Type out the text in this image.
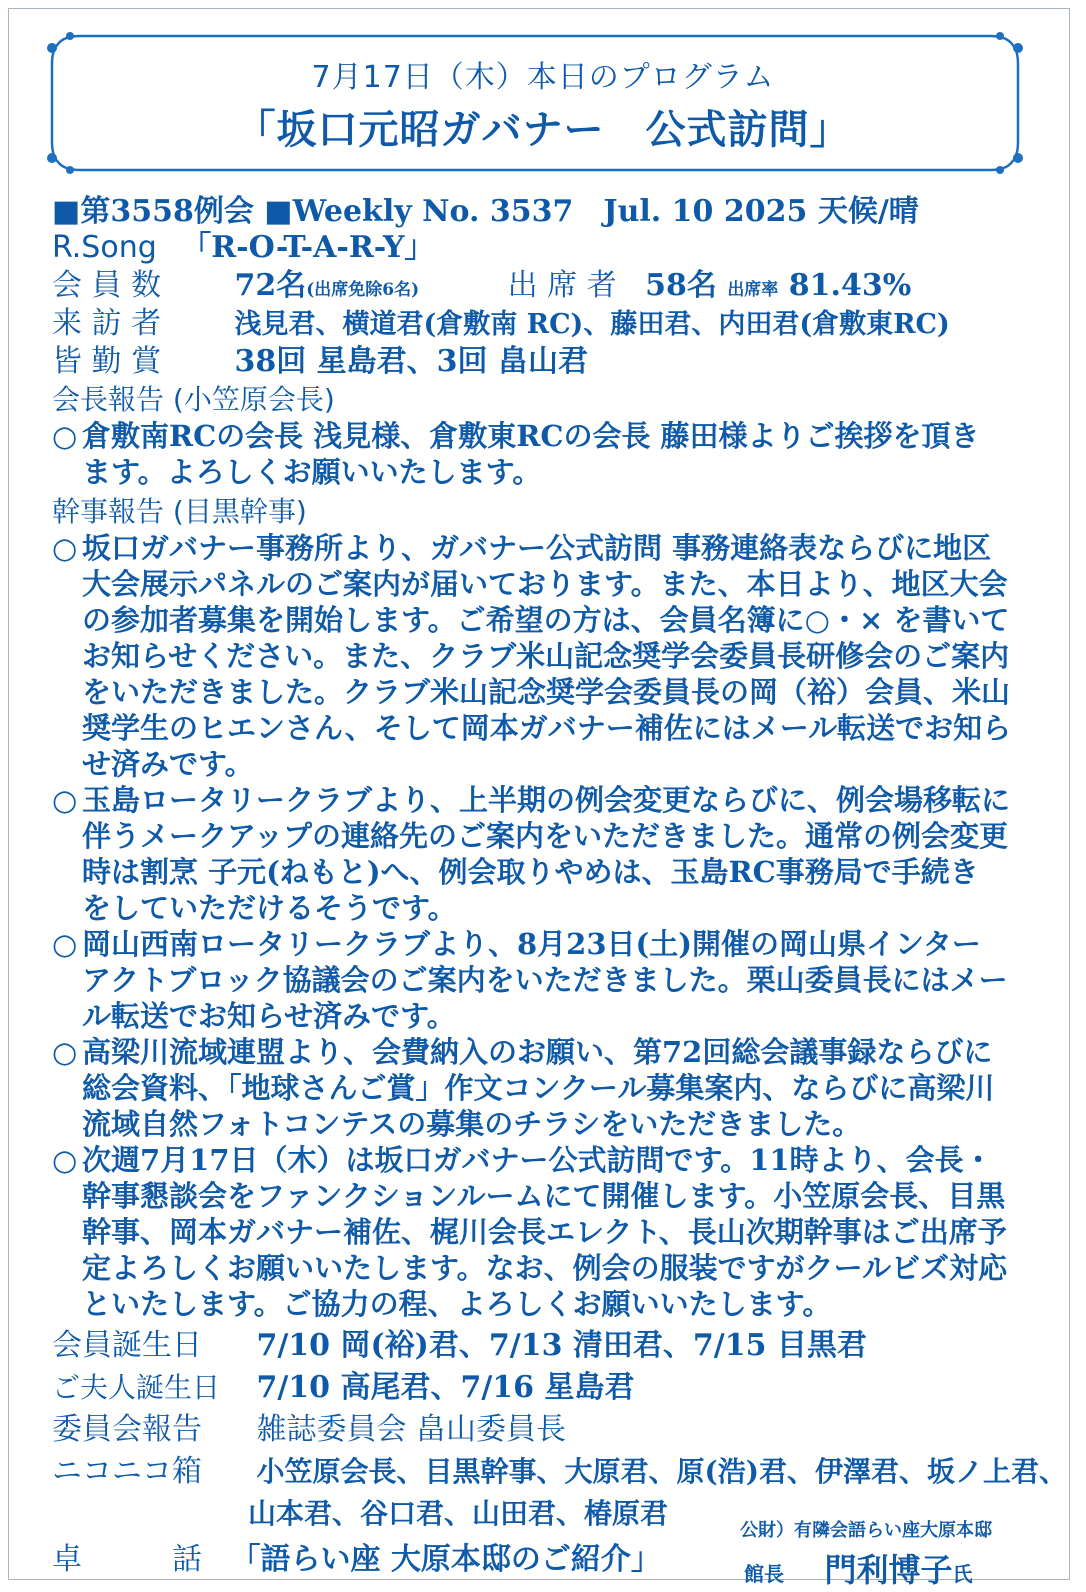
7月17日（木）本日のプログラム
「坂口元昭ガバナー　公式訪問」
■第3558例会 ■Weekly No. 3537　Jul. 10 2025 天候/晴
R.Song 「R-O-T-A-R-Y」
会 員 数 72名(出席免除6名)	出 席 者 58名 出席率 81.43%
来 訪 者	浅見君、横道君(倉敷南 RC)、藤田君、内田君(倉敷東RC)
皆 勤 賞 38回 星島君、3回 畠山君
会長報告 (小笠原会長)
○ 倉敷南RCの会長 浅見様、倉敷東RCの会長 藤田様よりご挨拶を頂き
ます。よろしくお願いいたします。
幹事報告 (目黒幹事)
○ 坂口ガバナー事務所より、ガバナー公式訪問 事務連絡表ならびに地区
大会展示パネルのご案内が届いております。また、本日より、地区大会
の参加者募集を開始します。ご希望の方は、会員名簿に○・× を書いて
お知らせください。また、クラブ米山記念奨学会委員長研修会のご案内
をいただきました。クラブ米山記念奨学会委員長の岡（裕）会員、米山
奨学生のヒエンさん、そして岡本ガバナー補佐にはメール転送でお知ら
せ済みです。
○ 玉島ロータリークラブより、上半期の例会変更ならびに、例会場移転に
伴うメークアップの連絡先のご案内をいただきました。通常の例会変更
時は割烹 子元(ねもと)へ、例会取りやめは、玉島RC事務局で手続き
をしていただけるそうです。
○ 岡山西南ロータリークラブより、8月23日(土)開催の岡山県インター
アクトブロック協議会のご案内をいただきました。栗山委員長にはメー
ル転送でお知らせ済みです。
○ 高梁川流域連盟より、会費納入のお願い、第72回総会議事録ならびに
総会資料、「地球さんご賞」作文コンクール募集案内、ならびに高梁川
流域自然フォトコンテスの募集のチラシをいただきました。
○ 次週7月17日（木）は坂口ガバナー公式訪問です。11時より、会長・
幹事懇談会をファンクションルームにて開催します。小笠原会長、目黒
幹事、岡本ガバナー補佐、梶川会長エレクト、長山次期幹事はご出席予
定よろしくお願いいたします。なお、例会の服装ですがクールビズ対応
といたします。ご協力の程、よろしくお願いいたします。
会員誕生日 7/10 岡(裕)君、7/13 清田君、7/15 目黒君
ご夫人誕生日 7/10 高尾君、7/16 星島君
委員会報告 雑誌委員会 畠山委員長
ニコニコ箱 小笠原会長、目黒幹事、大原君、原(浩)君、伊澤君、坂ノ上君、
山本君、谷口君、山田君、椿原君
卓　　　話 「語らい座 大原本邸のご紹介」
公財）有隣会語らい座大原本邸
館長 門利博子氏
